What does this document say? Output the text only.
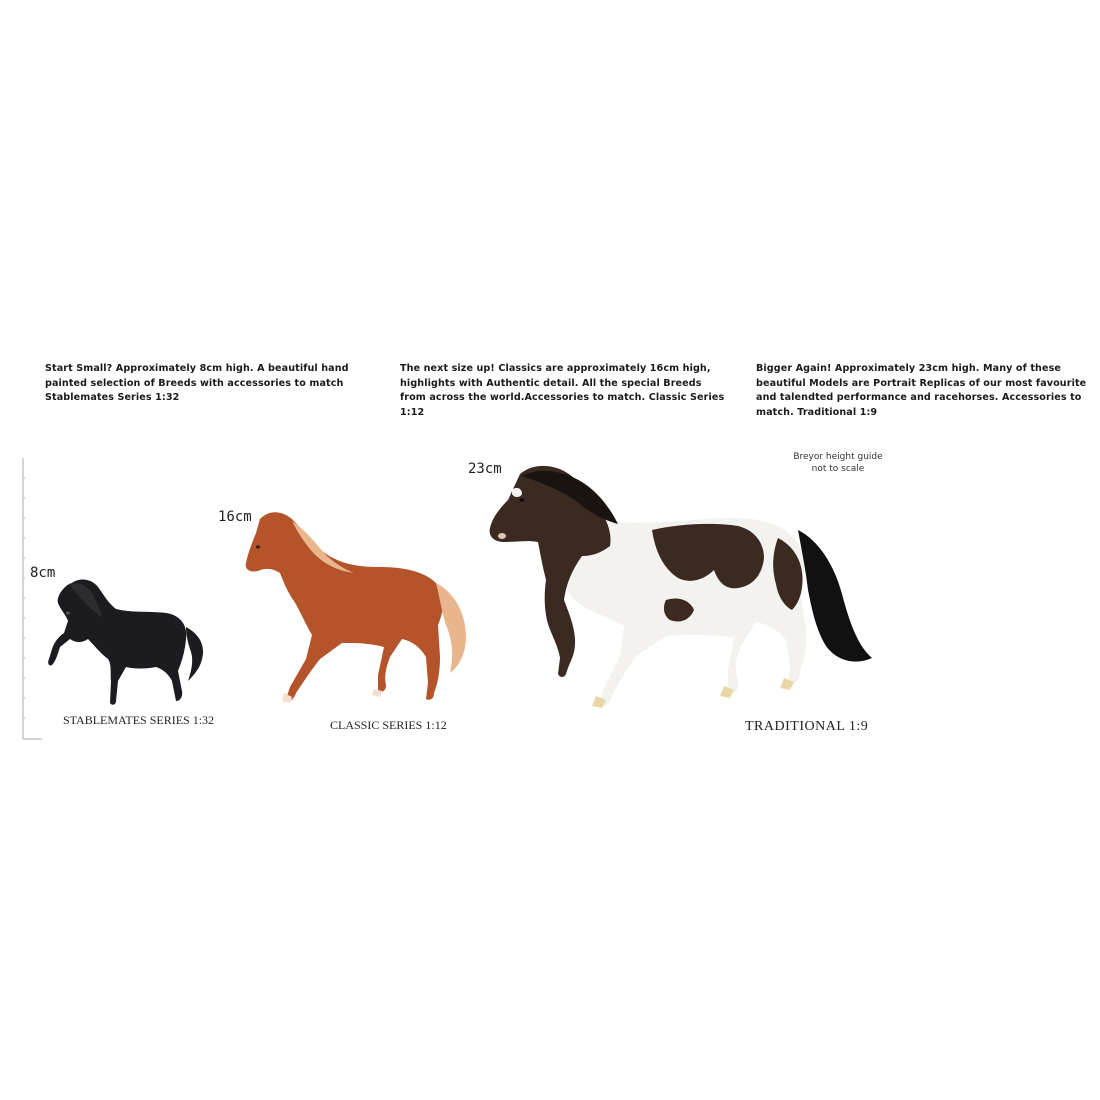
Start Small? Approximately 8cm high. A beautiful hand painted selection of Breeds with accessories to match Stablemates Series 1:32
The next size up! Classics are approximately 16cm high, highlights with Authentic detail. All the special Breeds from across the world.Accessories to match. Classic Series 1:12
Bigger Again! Approximately 23cm high. Many of these beautiful Models are Portrait Replicas of our most favourite and talendted performance and racehorses. Accessories to match. Traditional 1:9
Breyor height guide
not to scale
8cm
16cm
23cm
STABLEMATES SERIES 1:32	CLASSIC SERIES 1:12	TRADITIONAL 1:9
